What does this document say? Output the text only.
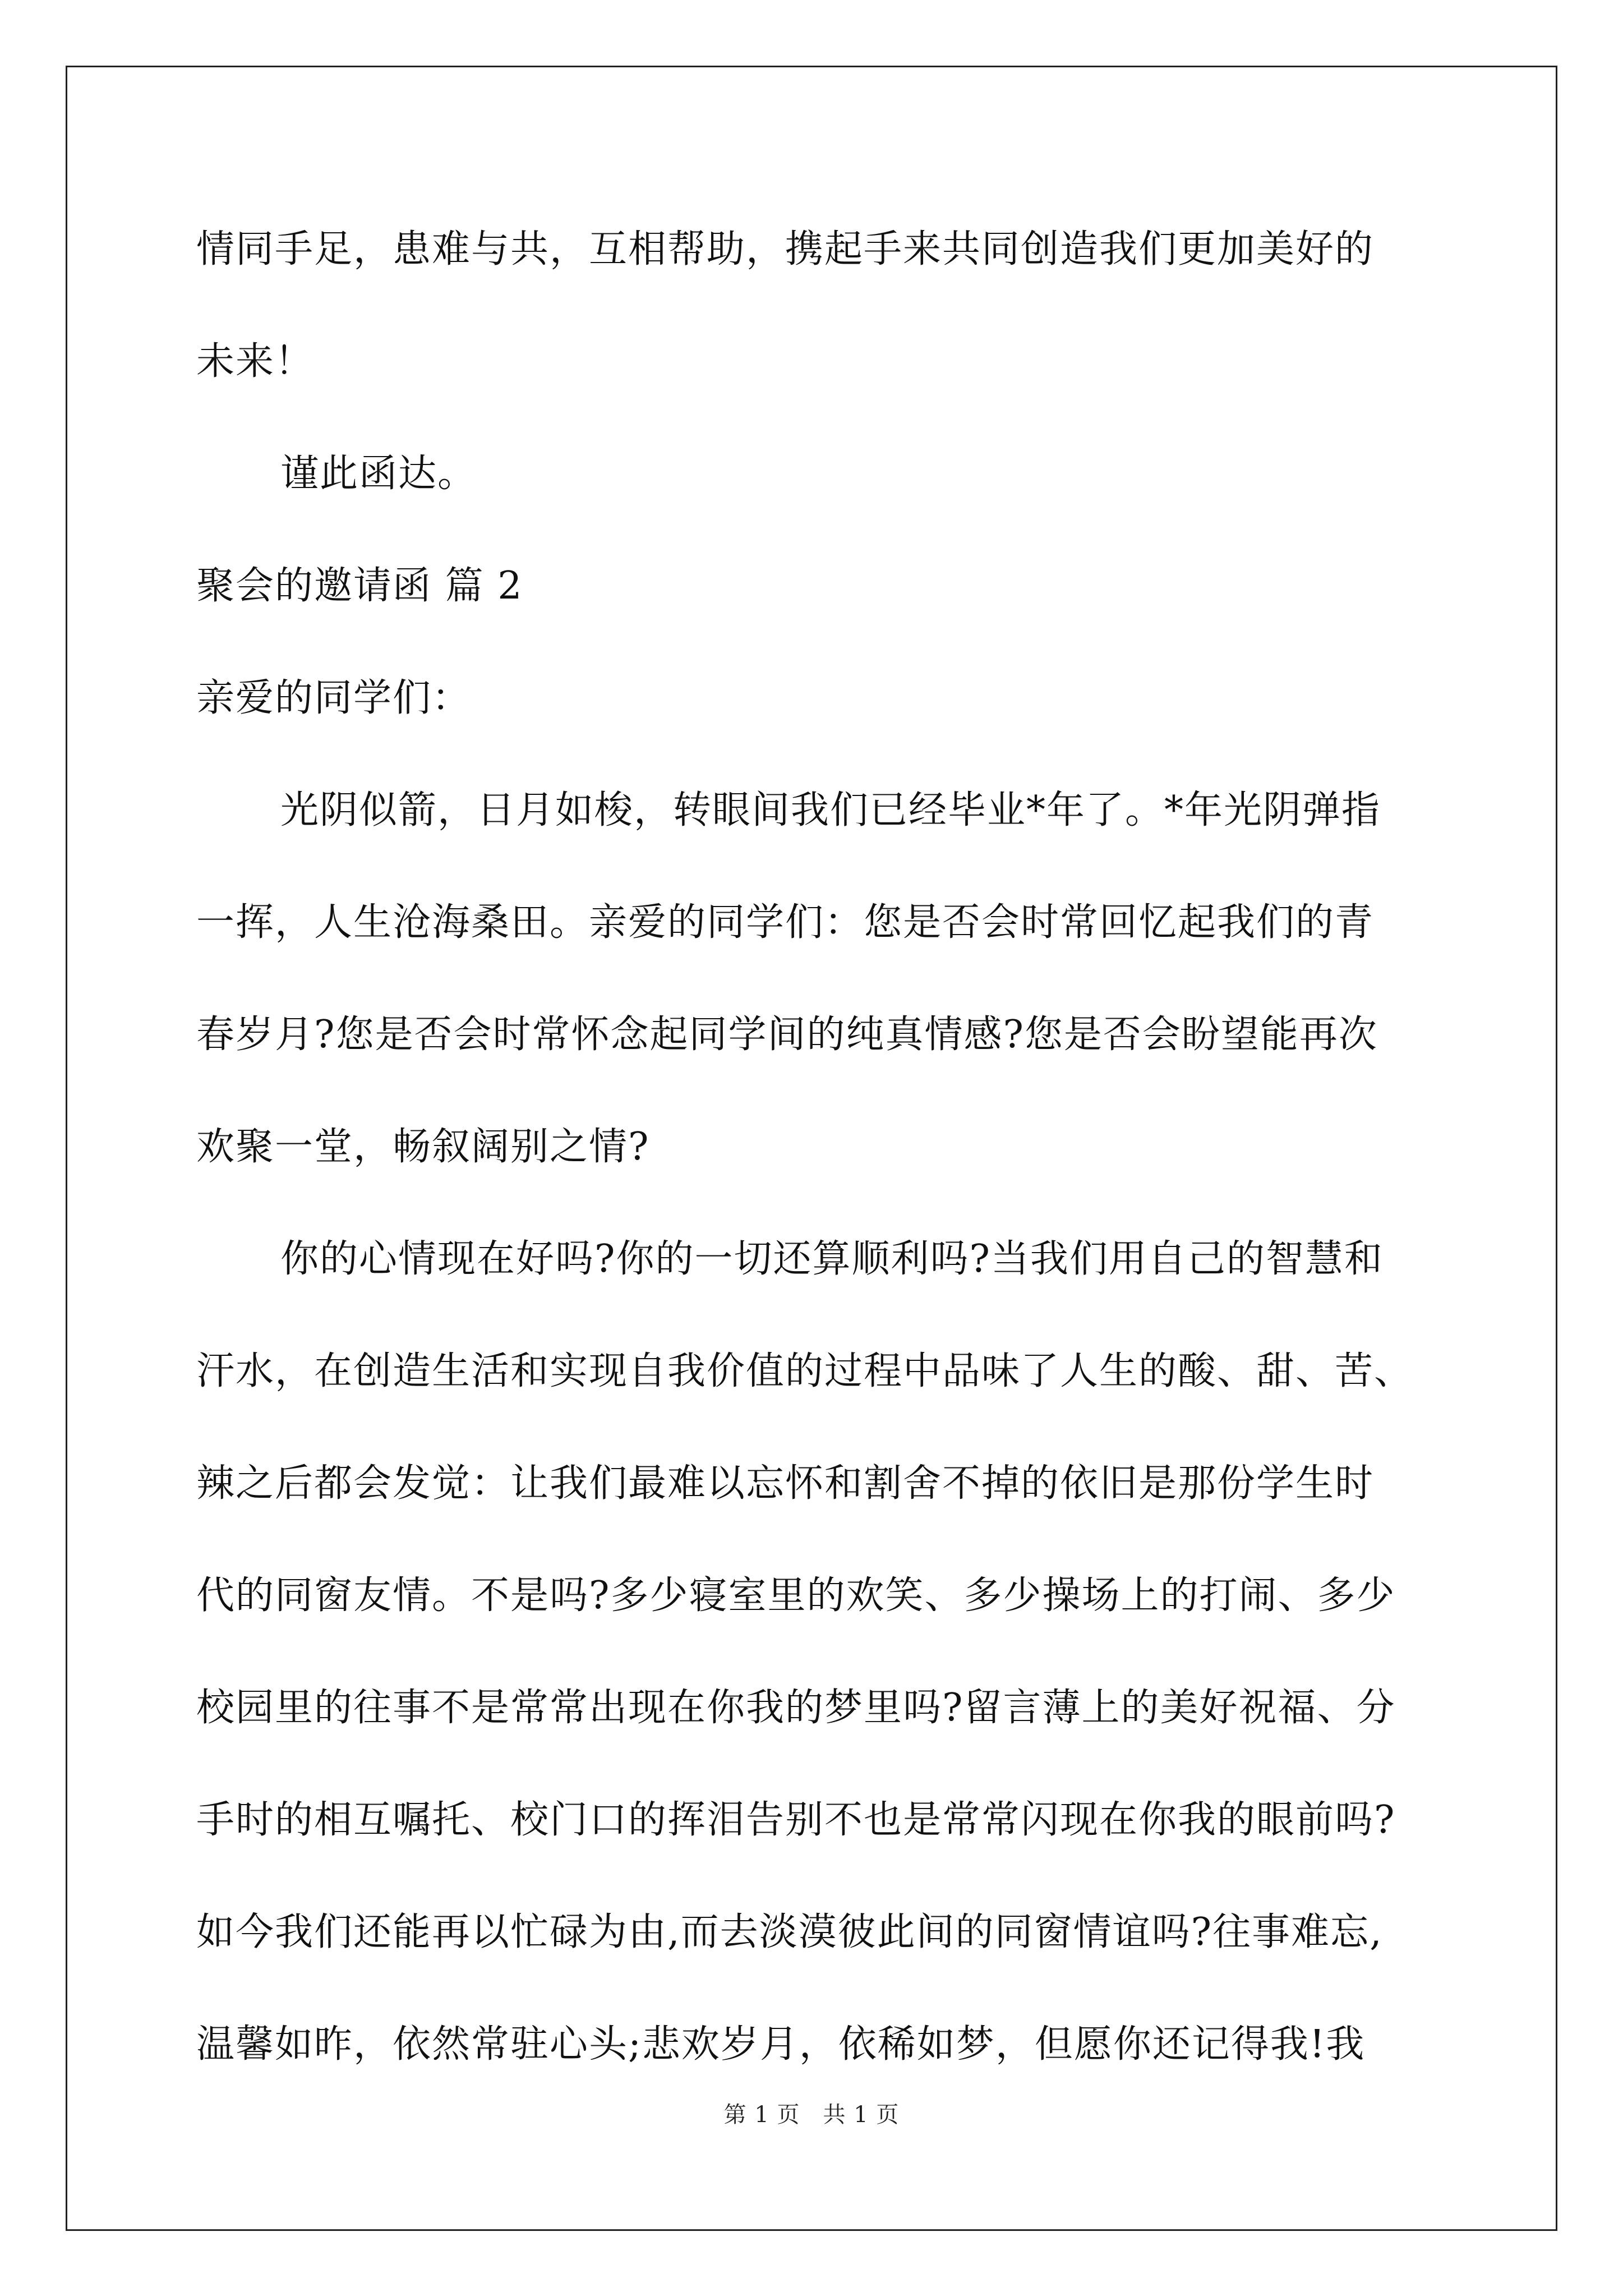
情同手足，患难与共，互相帮助，携起手来共同创造我们更加美好的
未来！
谨此函达。
聚会的邀请函 篇 2
亲爱的同学们：
光阴似箭，日月如梭，转眼间我们已经毕业*年了。*年光阴弹指
一挥，人生沧海桑田。亲爱的同学们：您是否会时常回忆起我们的青
春岁月?您是否会时常怀念起同学间的纯真情感?您是否会盼望能再次
欢聚一堂，畅叙阔别之情?
你的心情现在好吗?你的一切还算顺利吗?当我们用自己的智慧和
汗水，在创造生活和实现自我价值的过程中品味了人生的酸、甜、苦、
辣之后都会发觉：让我们最难以忘怀和割舍不掉的依旧是那份学生时
代的同窗友情。不是吗?多少寝室里的欢笑、多少操场上的打闹、多少
校园里的往事不是常常出现在你我的梦里吗?留言薄上的美好祝福、分
手时的相互嘱托、校门口的挥泪告别不也是常常闪现在你我的眼前吗?
如今我们还能再以忙碌为由,而去淡漠彼此间的同窗情谊吗?往事难忘,
温馨如昨，依然常驻心头;悲欢岁月，依稀如梦，但愿你还记得我!我
第 1 页　共 1 页
